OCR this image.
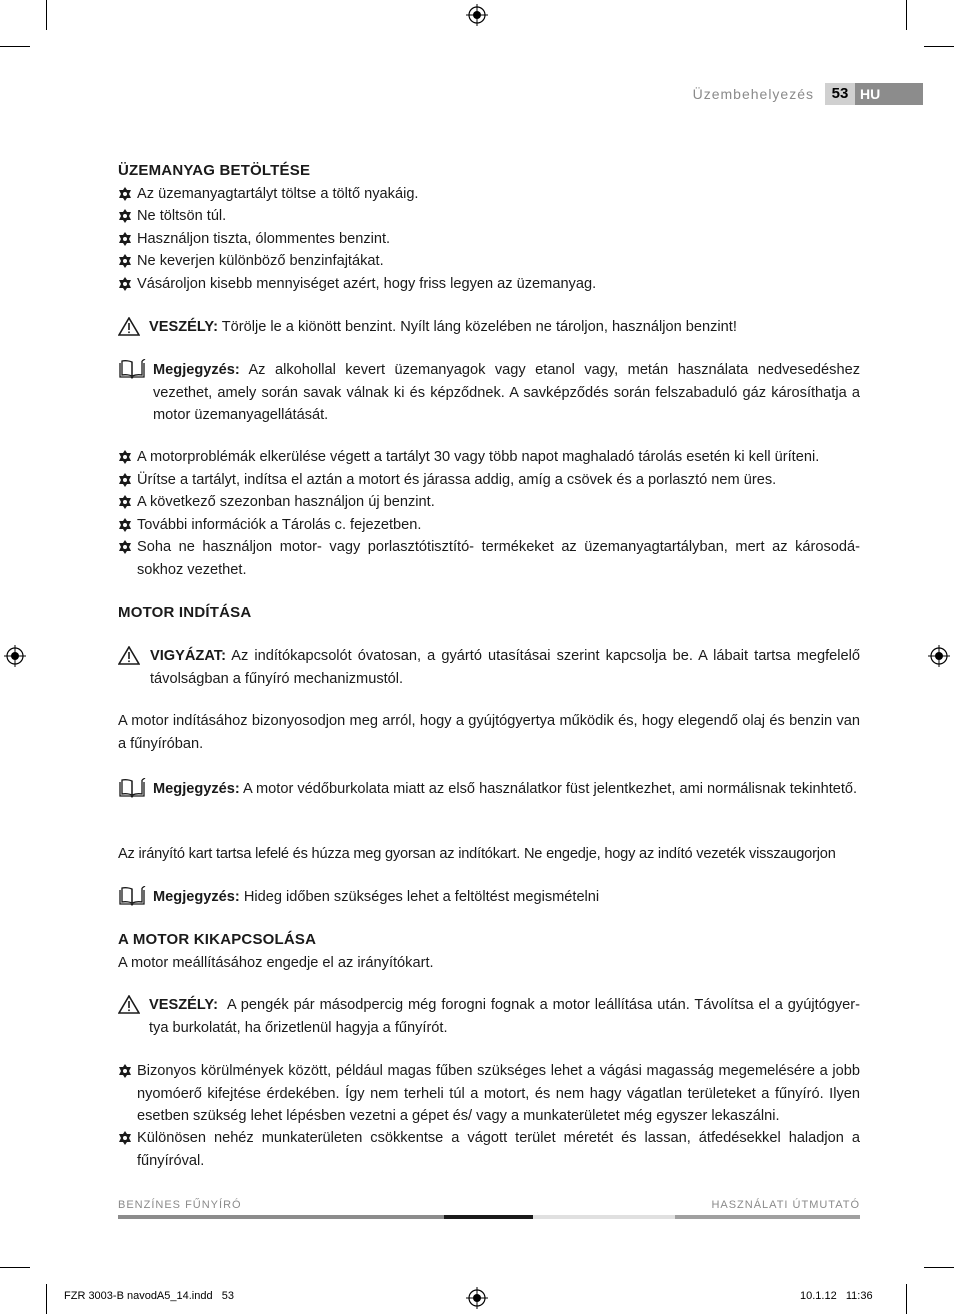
Üzembehelyezés	53 HU
ÜZEMANYAG BETÖLTÉSE
Az üzemanyagtartályt töltse a töltő nyakáig.
Ne töltsön túl.
Használjon tiszta, ólommentes benzint.
Ne keverjen különböző benzinfajtákat.
Vásároljon kisebb mennyiséget azért, hogy friss legyen az üzemanyag.
VESZÉLY: Törölje le a kiönött benzint. Nyílt láng közelében ne tároljon, használjon benzint!
Megjegyzés: Az alkohollal kevert üzemanyagok vagy etanol vagy, metán használata nedvesedéshez vezethet, amely során savak válnak ki és képződnek. A savképződés során felszabaduló gáz károsíthatja a motor üzemanyagellátását.
A motorproblémák elkerülése végett a tartályt 30 vagy több napot maghaladó tárolás esetén ki kell üríteni.
Ürítse a tartályt, indítsa el aztán a motort és járassa addig, amíg a csövek és a porlasztó nem üres.
A következő szezonban használjon új benzint.
További információk a Tárolás c. fejezetben.
Soha ne használjon motor- vagy porlasztótisztító- termékeket az üzemanyagtartályban, mert az károsodá-sokhoz vezethet.
MOTOR INDÍTÁSA
VIGYÁZAT: Az indítókapcsolót óvatosan, a gyártó utasításai szerint kapcsolja be. A lábait tartsa megfelelő távolságban a fűnyíró mechanizmustól.
A motor indításához bizonyosodjon meg arról, hogy a gyújtógyertya működik és, hogy elegendő olaj és benzin van a fűnyíróban.
Megjegyzés: A motor védőburkolata miatt az első használatkor füst jelentkezhet, ami normálisnak tekinhtető.
Az irányító kart tartsa lefelé és húzza meg gyorsan az indítókart. Ne engedje, hogy az indító vezeték visszaugorjon
Megjegyzés: Hideg időben szükséges lehet a feltöltést megismételni
A MOTOR KIKAPCSOLÁSA
A motor meállításához engedje el az irányítókart.
VESZÉLY: A pengék pár másodpercig még forogni fognak a motor leállítása után. Távolítsa el a gyújtógyer-tya burkolatát, ha őrizetlenül hagyja a fűnyírót.
Bizonyos körülmények között, például magas fűben szükséges lehet a vágási magasság megemelésére a jobb nyomóerő kifejtése érdekében. Így nem terheli túl a motort, és nem hagy vágatlan területeket a fűnyíró. Ilyen esetben szükség lehet lépésben vezetni a gépet és/ vagy a munkaterületet még egyszer lekaszálni.
Különösen nehéz munkaterületen csökkentse a vágott terület méretét és lassan, átfedésekkel haladjon a fűnyíróval.
BENZÍNES FŰNYÍRÓ	HASZNÁLATI ÚTMUTATÓ
FZR 3003-B navodA5_14.indd   53	10.1.12   11:36
